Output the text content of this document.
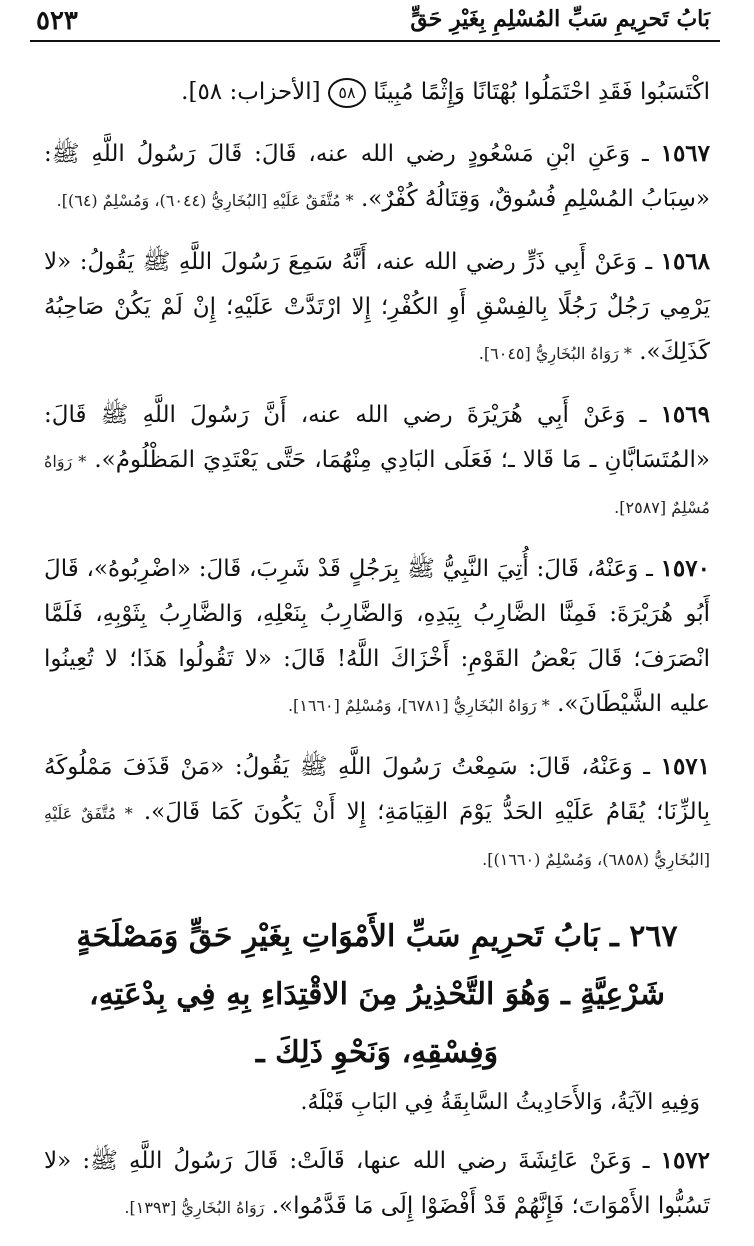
٥٢٣	بَابُ تَحرِيمِ سَبِّ المُسْلِمِ بِغَيْرِ حَقٍّ
اكْتَسَبُوا فَقَدِ احْتَمَلُوا بُهْتَانًا وَإِثْمًا مُبِينًا ٥٨ [الأحزاب: ٥٨].
١٥٦٧ ـ وَعَنِ ابْنِ مَسْعُودٍ رضي الله عنه، قَالَ: قَالَ رَسُولُ اللَّهِ ﷺ: «سِبَابُ المُسْلِمِ فُسُوقٌ، وَقِتَالُهُ كُفْرٌ». * مُتَّفَقٌ عَلَيْهِ [البُخَارِيُّ (٦٠٤٤)، وَمُسْلِمٌ (٦٤)].
١٥٦٨ ـ وَعَنْ أَبِي ذَرٍّ رضي الله عنه، أَنَّهُ سَمِعَ رَسُولَ اللَّهِ ﷺ يَقُولُ: «لا يَرْمِي رَجُلٌ رَجُلًا بِالفِسْقِ أَوِ الكُفْرِ؛ إِلا ارْتَدَّتْ عَلَيْهِ؛ إِنْ لَمْ يَكُنْ صَاحِبُهُ كَذَلِكَ». * رَوَاهُ البُخَارِيُّ [٦٠٤٥].
١٥٦٩ ـ وَعَنْ أَبِي هُرَيْرَةَ رضي الله عنه، أَنَّ رَسُولَ اللَّهِ ﷺ قَالَ: «المُتَسَابَّانِ ـ مَا قَالا ـ؛ فَعَلَى البَادِي مِنْهُمَا، حَتَّى يَعْتَدِيَ المَظْلُومُ». * رَوَاهُ مُسْلِمٌ [٢٥٨٧].
١٥٧٠ ـ وَعَنْهُ، قَالَ: أُتِيَ النَّبِيُّ ﷺ بِرَجُلٍ قَدْ شَرِبَ، قَالَ: «اضْرِبُوهُ»، قَالَ أَبُو هُرَيْرَةَ: فَمِنَّا الضَّارِبُ بِيَدِهِ، وَالضَّارِبُ بِنَعْلِهِ، وَالضَّارِبُ بِثَوْبِهِ، فَلَمَّا انْصَرَفَ؛ قَالَ بَعْضُ القَوْمِ: أَخْزَاكَ اللَّهُ! قَالَ: «لا تَقُولُوا هَذَا؛ لا تُعِينُوا عليه الشَّيْطَانَ». * رَوَاهُ البُخَارِيُّ [٦٧٨١]، وَمُسْلِمٌ [١٦٦٠].
١٥٧١ ـ وَعَنْهُ، قَالَ: سَمِعْتُ رَسُولَ اللَّهِ ﷺ يَقُولُ: «مَنْ قَذَفَ مَمْلُوكَهُ بِالزِّنَا؛ يُقَامُ عَلَيْهِ الحَدُّ يَوْمَ القِيَامَةِ؛ إِلا أَنْ يَكُونَ كَمَا قَالَ». * مُتَّفَقٌ عَلَيْهِ [البُخَارِيُّ (٦٨٥٨)، وَمُسْلِمٌ (١٦٦٠)].
٢٦٧ ـ بَابُ تَحرِيمِ سَبِّ الأَمْوَاتِ بِغَيْرِ حَقٍّ وَمَصْلَحَةٍ شَرْعِيَّةٍ ـ وَهُوَ التَّحْذِيرُ مِنَ الاقْتِدَاءِ بِهِ فِي بِدْعَتِهِ، وَفِسْقِهِ، وَنَحْوِ ذَلِكَ ـ
وَفِيهِ الآيَةُ، وَالأَحَادِيثُ السَّابِقَةُ فِي البَابِ قَبْلَهُ.
١٥٧٢ ـ وَعَنْ عَائِشَةَ رضي الله عنها، قَالَتْ: قَالَ رَسُولُ اللَّهِ ﷺ: «لا تَسُبُّوا الأَمْوَاتَ؛ فَإِنَّهُمْ قَدْ أَفْضَوْا إِلَى مَا قَدَّمُوا». رَوَاهُ البُخَارِيُّ [١٣٩٣].
